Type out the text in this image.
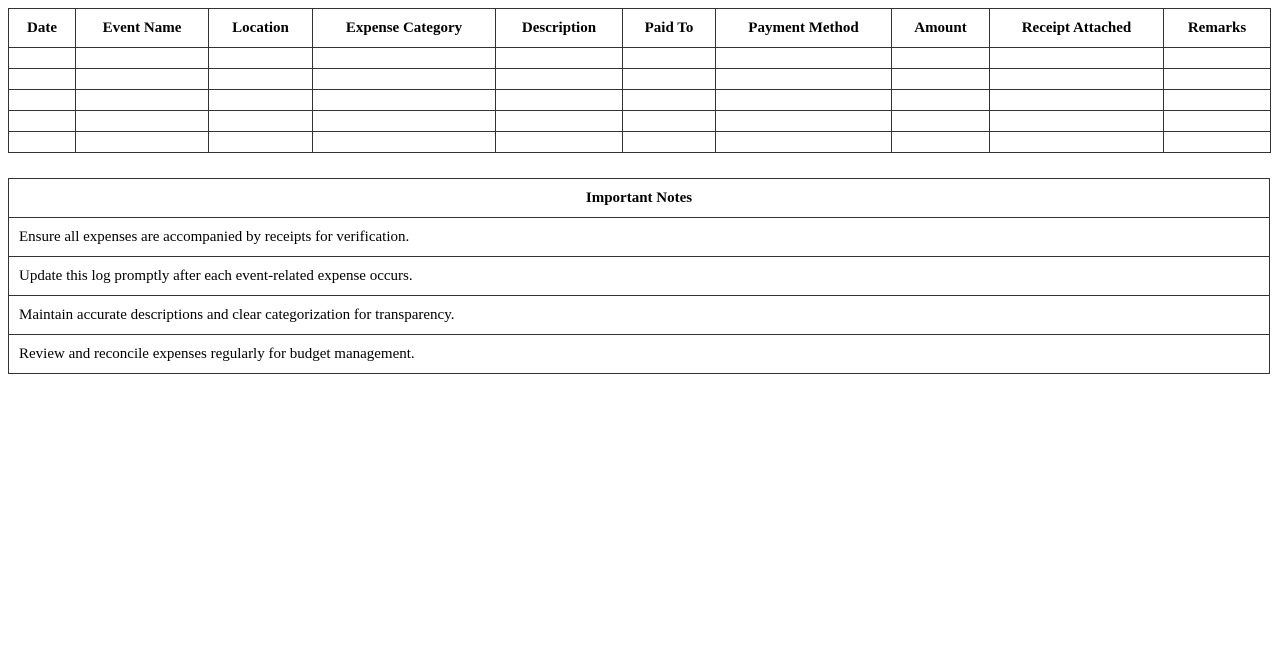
Date	Event Name	Location	Expense Category	Description	Paid To	Payment Method	Amount	Receipt Attached	Remarks

Important Notes
Ensure all expenses are accompanied by receipts for verification.
Update this log promptly after each event-related expense occurs.
Maintain accurate descriptions and clear categorization for transparency.
Review and reconcile expenses regularly for budget management.
